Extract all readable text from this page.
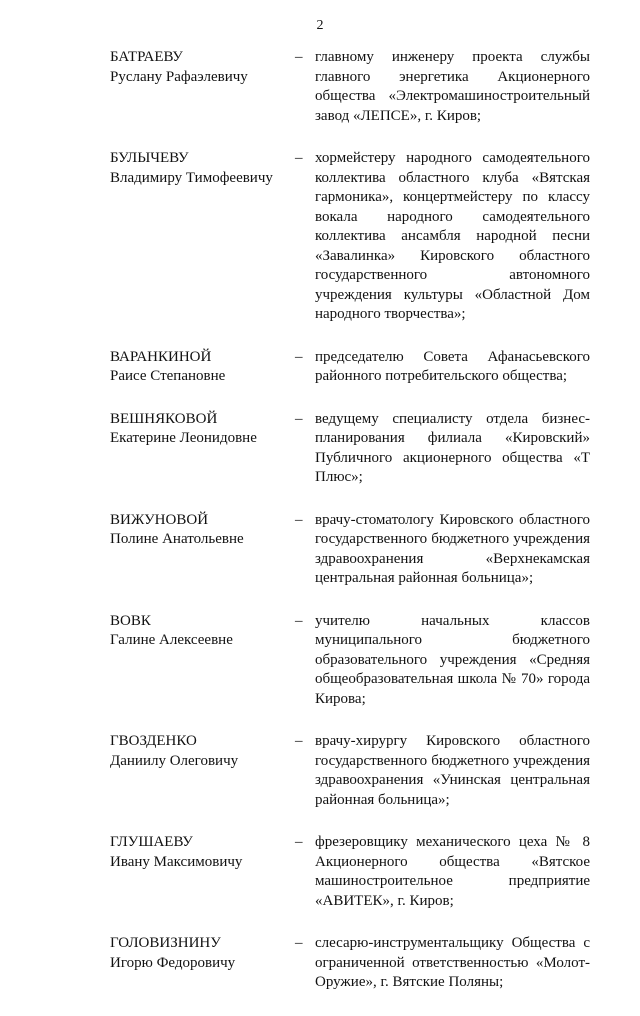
2
БАТРАЕВУ
Руслану Рафаэлевичу
– главному инженеру проекта службы главного энергетика Акционерного общества «Электромашиностроительный завод «ЛЕПСЕ», г. Киров;
БУЛЫЧЕВУ
Владимиру Тимофеевичу
– хормейстеру народного самодеятельного коллектива областного клуба «Вятская гармоника», концертмейстеру по классу вокала народного самодеятельного коллектива ансамбля народной песни «Завалинка» Кировского областного государственного автономного учреждения культуры «Областной Дом народного творчества»;
ВАРАНКИНОЙ
Раисе Степановне
– председателю Совета Афанасьевского районного потребительского общества;
ВЕШНЯКОВОЙ
Екатерине Леонидовне
– ведущему специалисту отдела бизнес-планирования филиала «Кировский» Публичного акционерного общества «Т Плюс»;
ВИЖУНОВОЙ
Полине Анатольевне
– врачу-стоматологу Кировского областного государственного бюджетного учреждения здравоохранения «Верхнекамская центральная районная больница»;
ВОВК
Галине Алексеевне
– учителю начальных классов муниципального бюджетного образовательного учреждения «Средняя общеобразовательная школа № 70» города Кирова;
ГВОЗДЕНКО
Даниилу Олеговичу
– врачу-хирургу Кировского областного государственного бюджетного учреждения здравоохранения «Унинская центральная районная больница»;
ГЛУШАЕВУ
Ивану Максимовичу
– фрезеровщику механического цеха № 8 Акционерного общества «Вятское машиностроительное предприятие «АВИТЕК», г. Киров;
ГОЛОВИЗНИНУ
Игорю Федоровичу
– слесарю-инструментальщику Общества с ограниченной ответственностью «Молот-Оружие», г. Вятские Поляны;
